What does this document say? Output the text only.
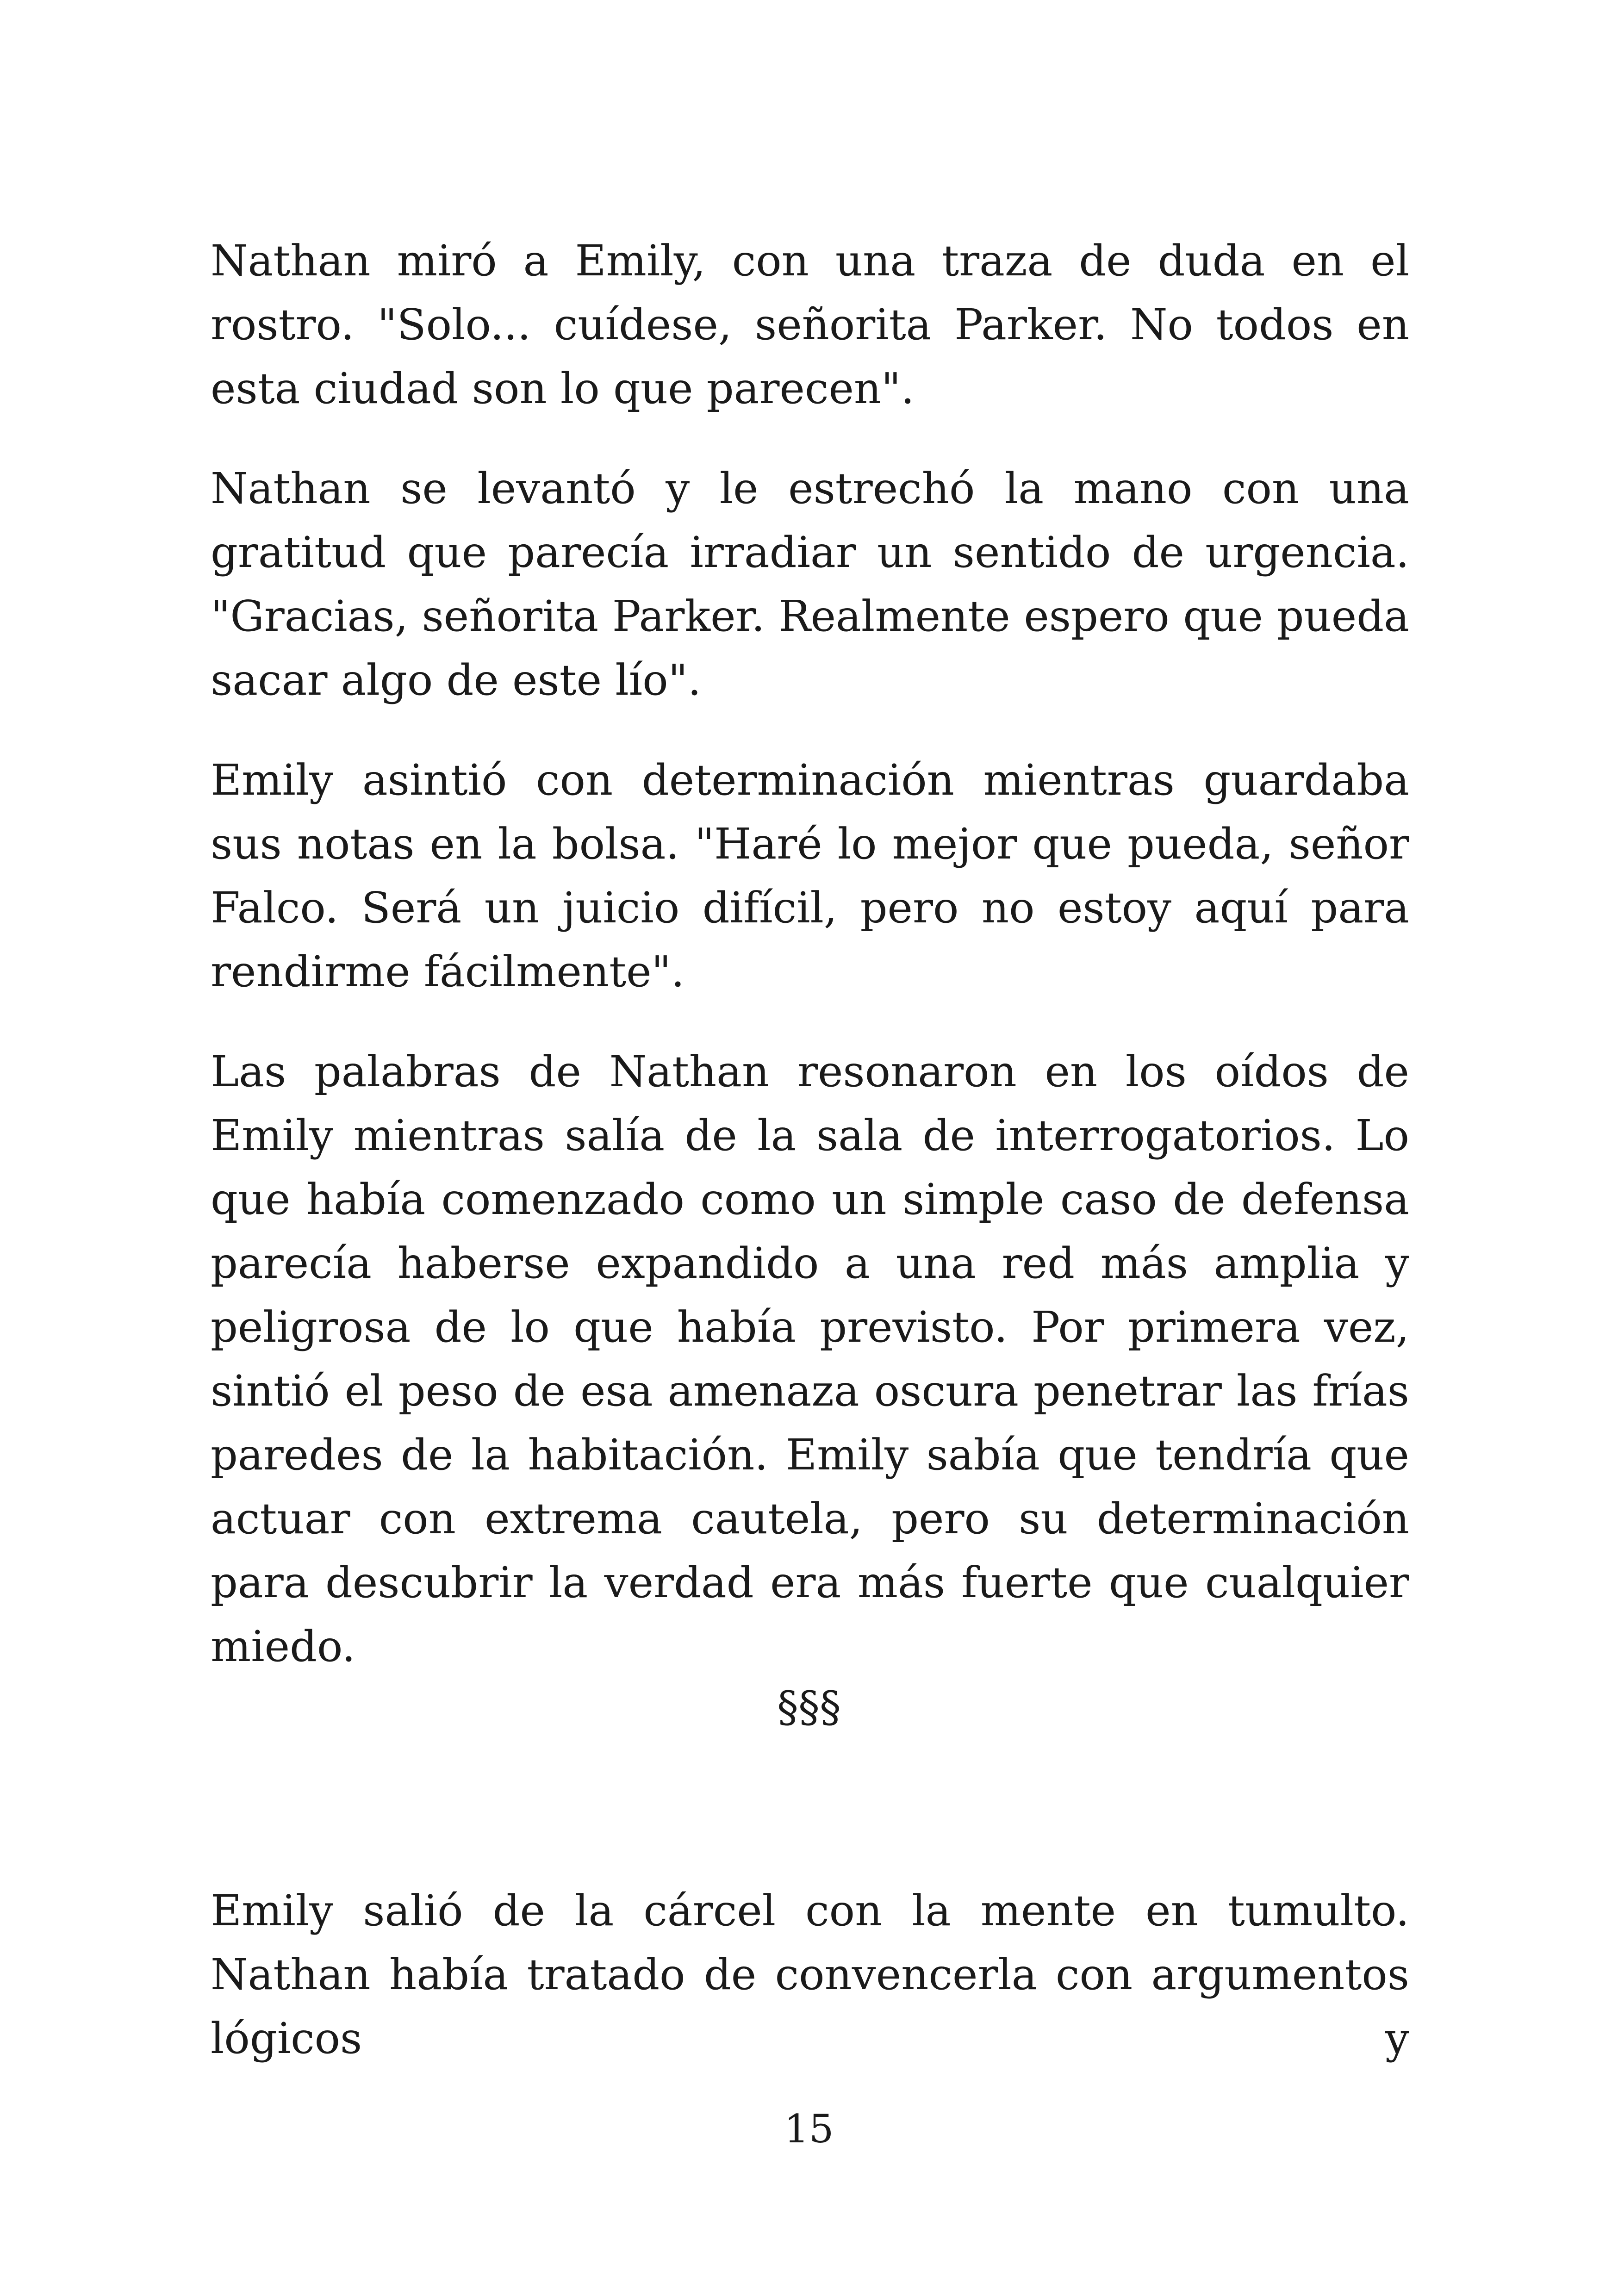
Nathan miró a Emily, con una traza de duda en el rostro. "Solo... cuídese, señorita Parker. No todos en esta ciudad son lo que parecen".

Nathan se levantó y le estrechó la mano con una gratitud que parecía irradiar un sentido de urgencia. "Gracias, señorita Parker. Realmente espero que pueda sacar algo de este lío".

Emily asintió con determinación mientras guardaba sus notas en la bolsa. "Haré lo mejor que pueda, señor Falco. Será un juicio difícil, pero no estoy aquí para rendirme fácilmente".

Las palabras de Nathan resonaron en los oídos de Emily mientras salía de la sala de interrogatorios. Lo que había comenzado como un simple caso de defensa parecía haberse expandido a una red más amplia y peligrosa de lo que había previsto. Por primera vez, sintió el peso de esa amenaza oscura penetrar las frías paredes de la habitación. Emily sabía que tendría que actuar con extrema cautela, pero su determinación para descubrir la verdad era más fuerte que cualquier miedo.

§§§

Emily salió de la cárcel con la mente en tumulto. Nathan había tratado de convencerla con argumentos lógicos y

15
